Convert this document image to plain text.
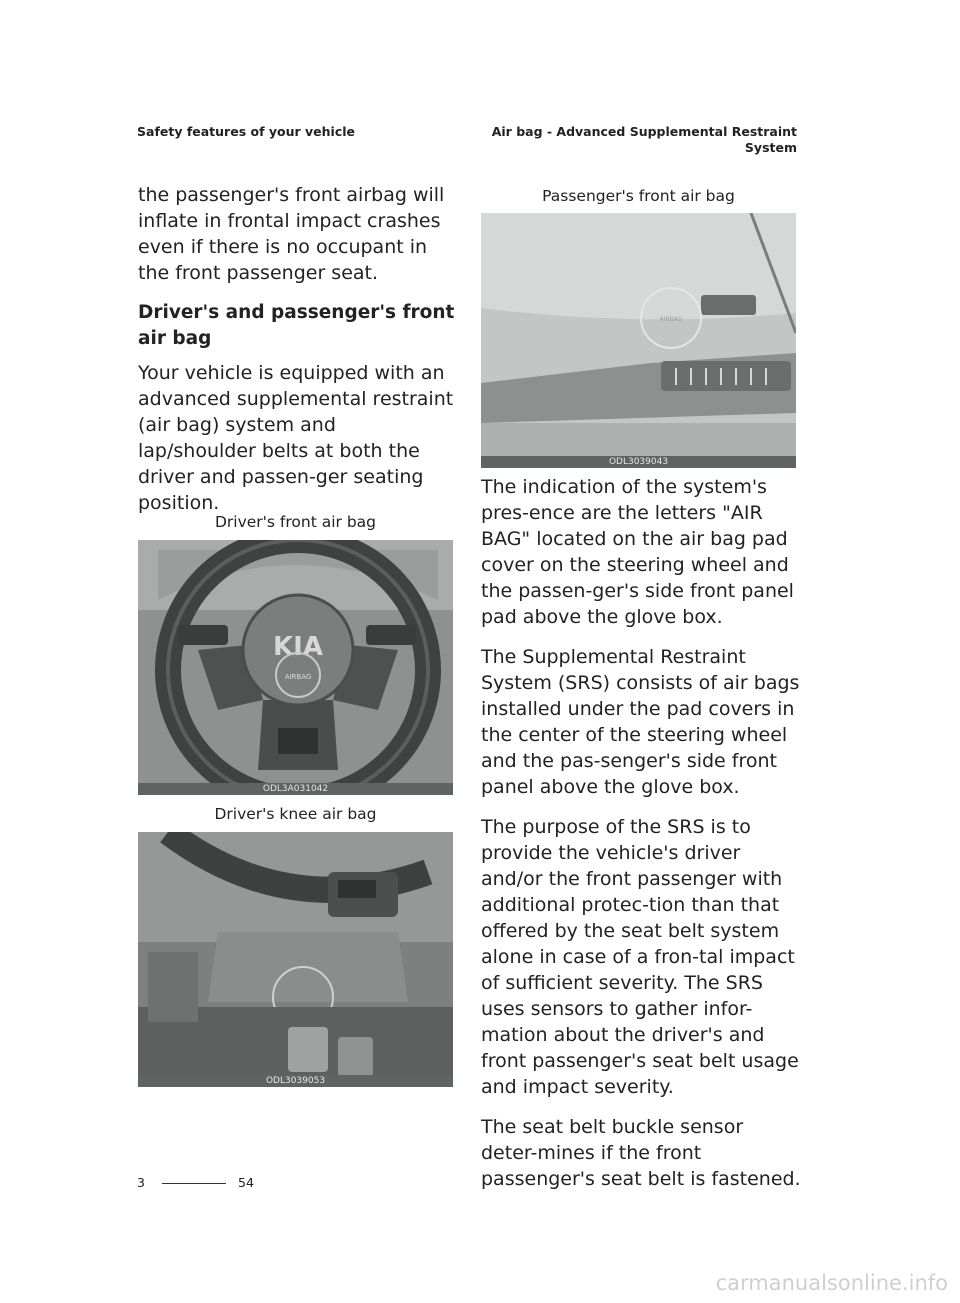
Safety features of your vehicle	Air bag - Advanced Supplemental Restraint
System

the passenger's front airbag will inflate in frontal impact crashes even if there is no occupant in the front passenger seat.

Driver's and passenger's front air bag

Your vehicle is equipped with an advanced supplemental restraint (air bag) system and lap/shoulder belts at both the driver and passen-ger seating position.

Driver's front air bag
KIA
AIRBAG
ODL3A031042
Driver's knee air bag
ODL3039053
Passenger's front air bag
AIRBAG
ODL3039043

The indication of the system's pres-ence are the letters "AIR BAG" located on the air bag pad cover on the steering wheel and the passen-ger's side front panel pad above the glove box.

The Supplemental Restraint System (SRS) consists of air bags installed under the pad covers in the center of the steering wheel and the pas-senger's side front panel above the glove box.

The purpose of the SRS is to provide the vehicle's driver and/or the front passenger with additional protec-tion than that offered by the seat belt system alone in case of a fron-tal impact of sufficient severity. The SRS uses sensors to gather infor-mation about the driver's and front passenger's seat belt usage and impact severity.

The seat belt buckle sensor deter-mines if the front passenger's seat belt is fastened.

3	54
carmanualsonline.info
